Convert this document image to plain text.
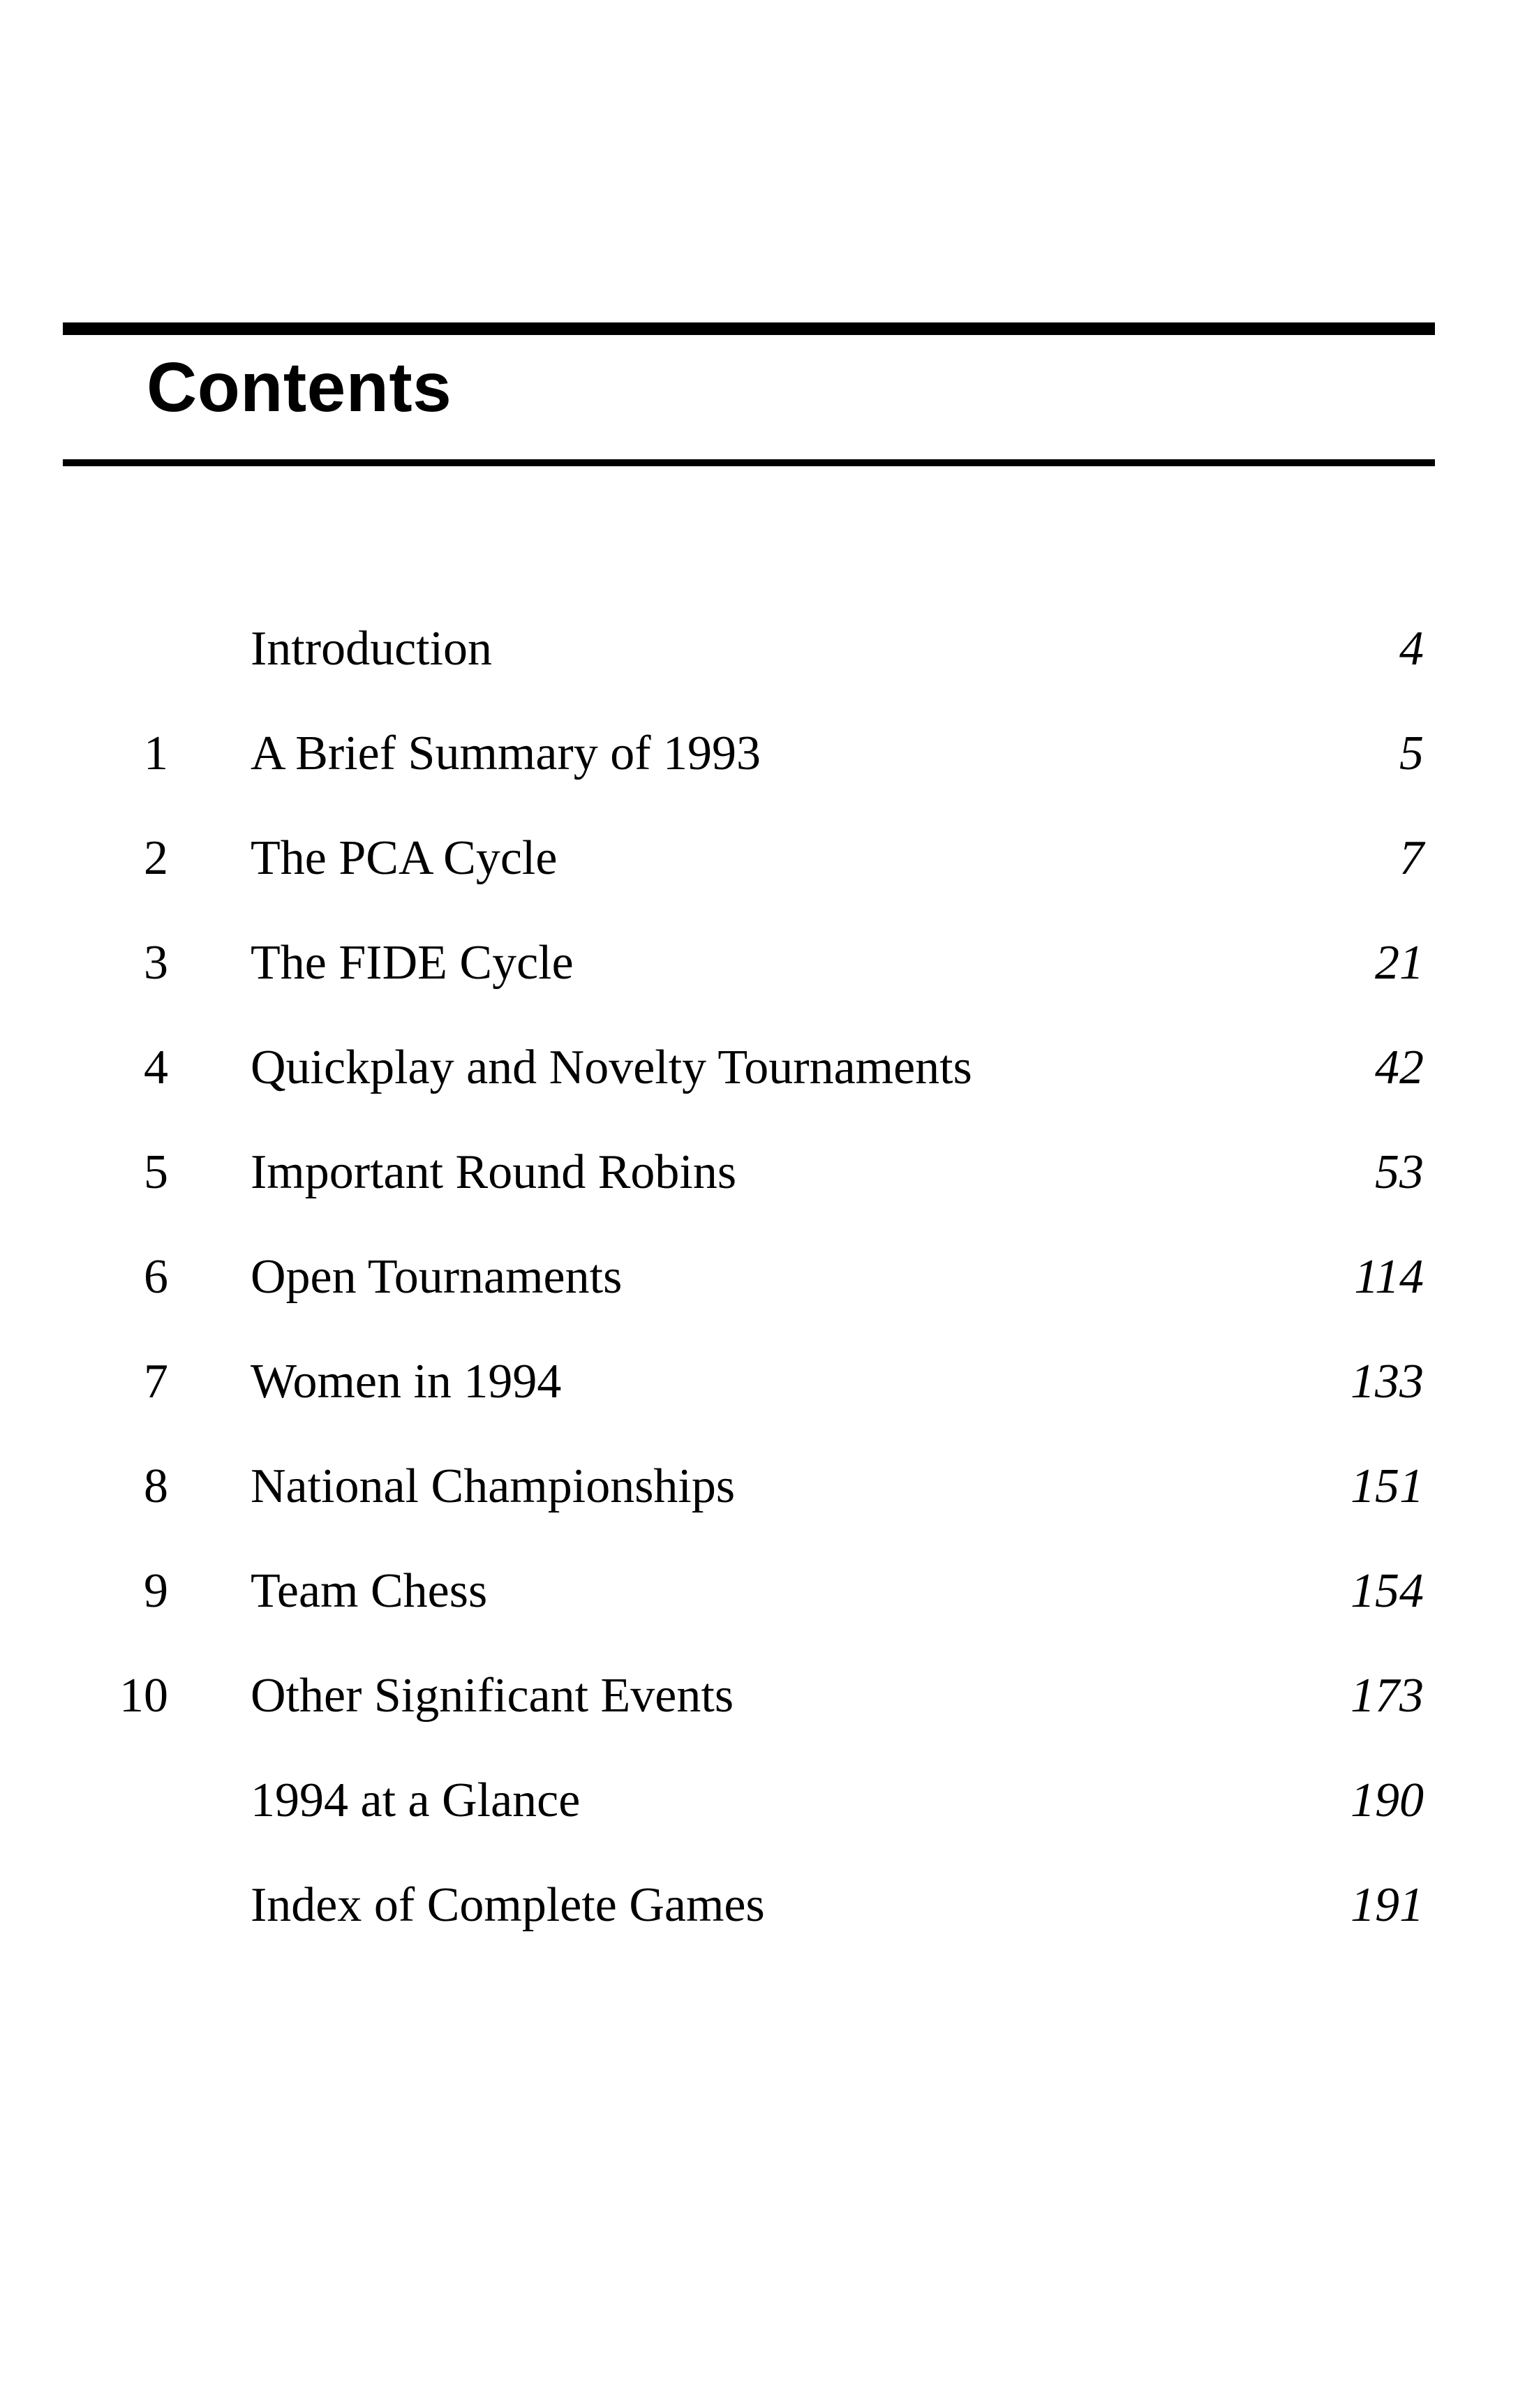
Contents
Introduction	4
1 A Brief Summary of 1993	5
2 The PCA Cycle	7
3 The FIDE Cycle	21
4 Quickplay and Novelty Tournaments	42
5 Important Round Robins	53
6 Open Tournaments	114
7 Women in 1994	133
8 National Championships	151
9 Team Chess	154
10 Other Significant Events	173
1994 at a Glance	190
Index of Complete Games	191
